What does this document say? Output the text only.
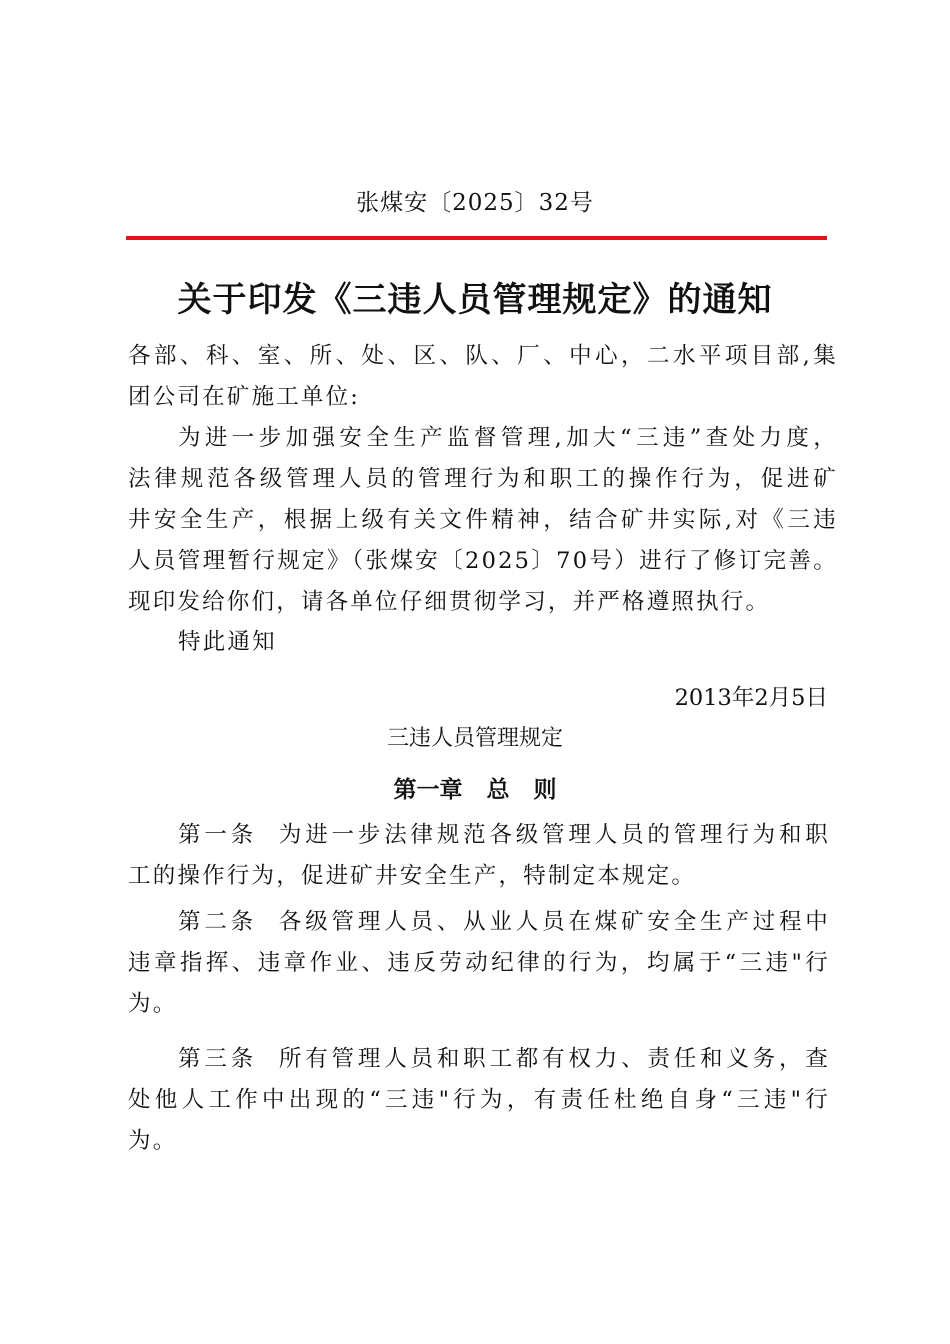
张煤安〔2025〕32号
关于印发《三违人员管理规定》的通知
各部、科、室、所、处、区、队、厂、中心，二水平项目部,集
团公司在矿施工单位:
为进一步加强安全生产监督管理,加大“三违”查处力度，
法律规范各级管理人员的管理行为和职工的操作行为，促进矿
井安全生产，根据上级有关文件精神，结合矿井实际,对《三违
人员管理暂行规定》（张煤安〔2025〕70号）进行了修订完善。
现印发给你们，请各单位仔细贯彻学习，并严格遵照执行。
特此通知
2013年2月5日
三违人员管理规定
第一章   总   则
第一条 为进一步法律规范各级管理人员的管理行为和职
工的操作行为，促进矿井安全生产，特制定本规定。
第二条 各级管理人员、从业人员在煤矿安全生产过程中
违章指挥、违章作业、违反劳动纪律的行为，均属于“三违"行
为。
第三条 所有管理人员和职工都有权力、责任和义务，查
处他人工作中出现的“三违"行为，有责任杜绝自身“三违"行
为。
